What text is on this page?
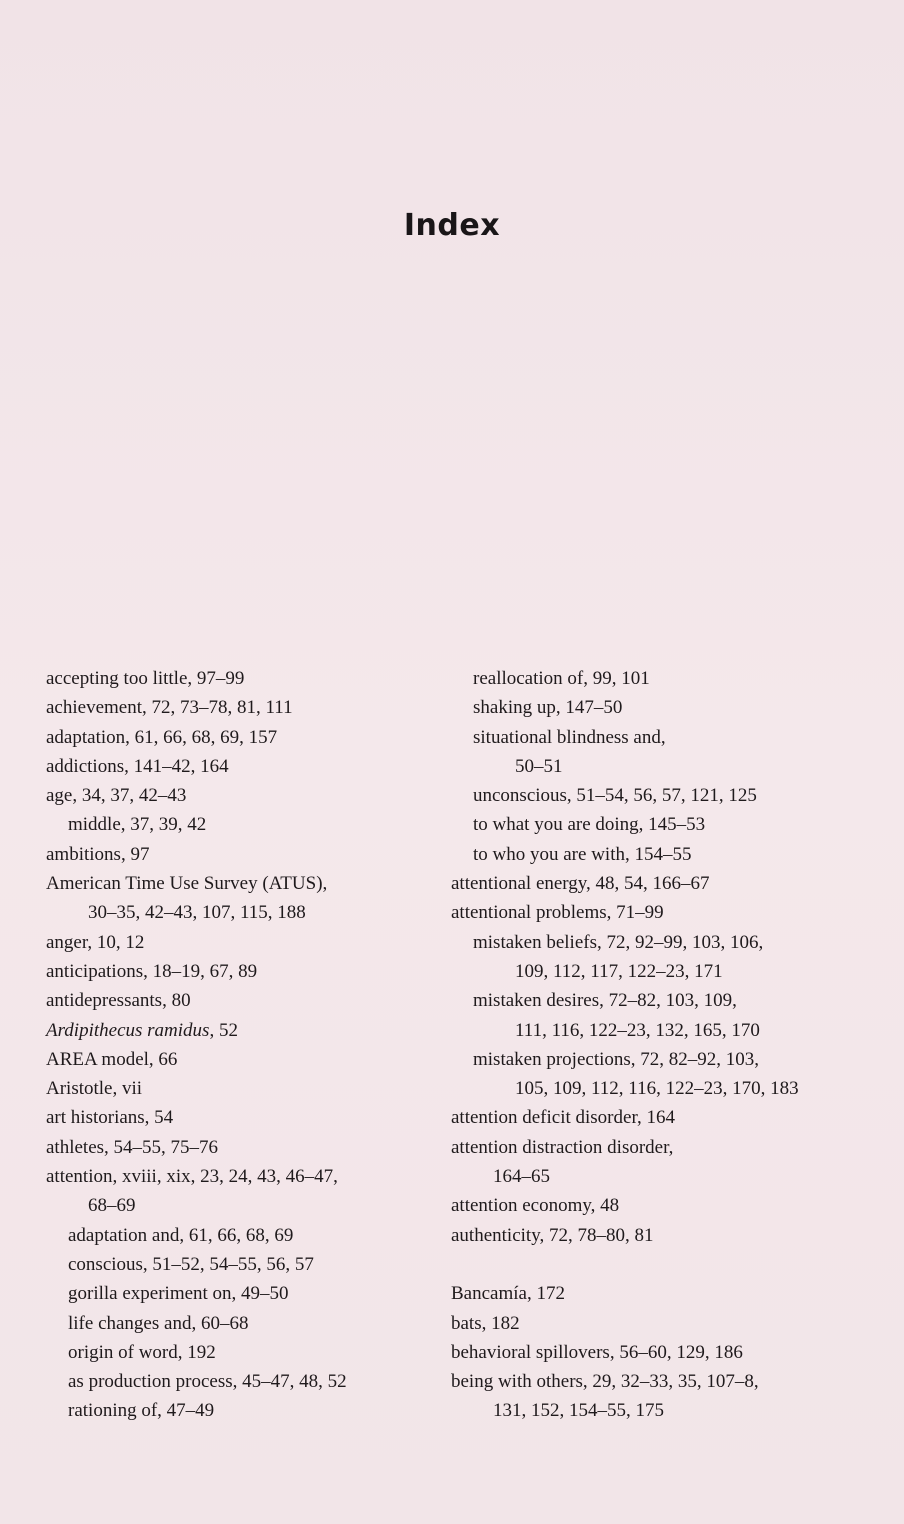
Index
accepting too little, 97–99
achievement, 72, 73–78, 81, 111
adaptation, 61, 66, 68, 69, 157
addictions, 141–42, 164
age, 34, 37, 42–43
middle, 37, 39, 42
ambitions, 97
American Time Use Survey (ATUS),
30–35, 42–43, 107, 115, 188
anger, 10, 12
anticipations, 18–19, 67, 89
antidepressants, 80
Ardipithecus ramidus, 52
AREA model, 66
Aristotle, vii
art historians, 54
athletes, 54–55, 75–76
attention, xviii, xix, 23, 24, 43, 46–47,
68–69
adaptation and, 61, 66, 68, 69
conscious, 51–52, 54–55, 56, 57
gorilla experiment on, 49–50
life changes and, 60–68
origin of word, 192
as production process, 45–47, 48, 52
rationing of, 47–49
reallocation of, 99, 101
shaking up, 147–50
situational blindness and,
50–51
unconscious, 51–54, 56, 57, 121, 125
to what you are doing, 145–53
to who you are with, 154–55
attentional energy, 48, 54, 166–67
attentional problems, 71–99
mistaken beliefs, 72, 92–99, 103, 106,
109, 112, 117, 122–23, 171
mistaken desires, 72–82, 103, 109,
111, 116, 122–23, 132, 165, 170
mistaken projections, 72, 82–92, 103,
105, 109, 112, 116, 122–23, 170, 183
attention deficit disorder, 164
attention distraction disorder,
164–65
attention economy, 48
authenticity, 72, 78–80, 81
Bancamía, 172
bats, 182
behavioral spillovers, 56–60, 129, 186
being with others, 29, 32–33, 35, 107–8,
131, 152, 154–55, 175
